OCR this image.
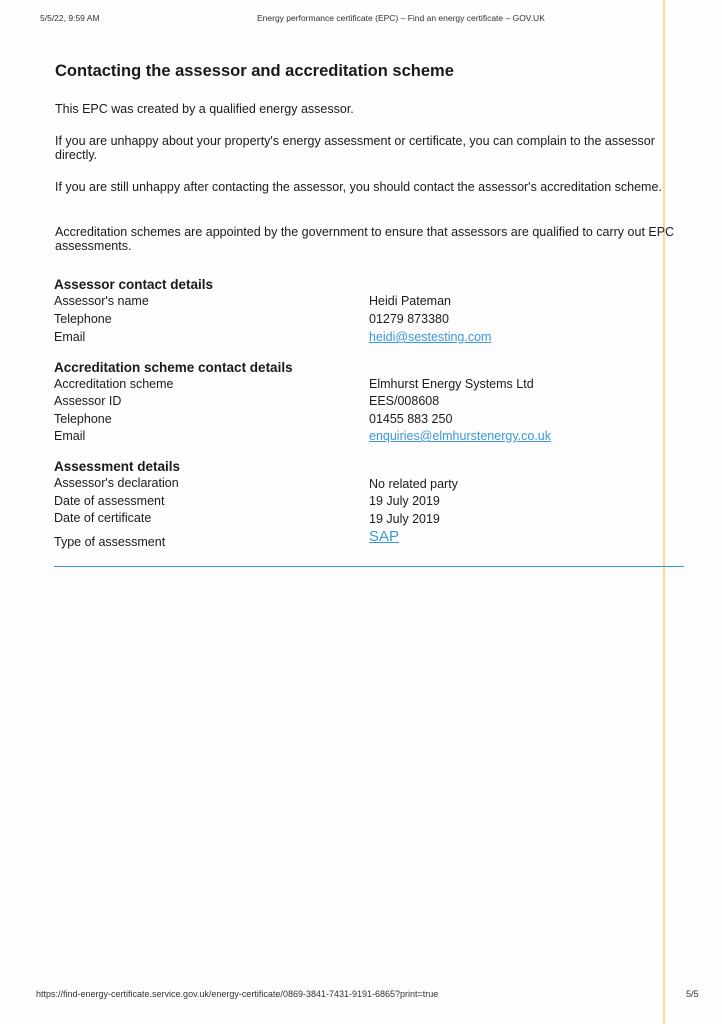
5/5/22, 9:59 AM	Energy performance certificate (EPC) – Find an energy certificate – GOV.UK
Contacting the assessor and accreditation scheme

This EPC was created by a qualified energy assessor.

If you are unhappy about your property's energy assessment or certificate, you can complain to the assessor directly.

If you are still unhappy after contacting the assessor, you should contact the assessor's accreditation scheme.

Accreditation schemes are appointed by the government to ensure that assessors are qualified to carry out EPC assessments.

Assessor contact details
Assessor's name	Heidi Pateman
Telephone	01279 873380
Email	heidi@sestesting.com
Accreditation scheme contact details
Accreditation scheme	Elmhurst Energy Systems Ltd
Assessor ID	EES/008608
Telephone	01455 883 250
Email	enquiries@elmhurstenergy.co.uk
Assessment details
Assessor's declaration	No related party
Date of assessment	19 July 2019
Date of certificate	19 July 2019
Type of assessment	SAP
https://find-energy-certificate.service.gov.uk/energy-certificate/0869-3841-7431-9191-6865?print=true	5/5
